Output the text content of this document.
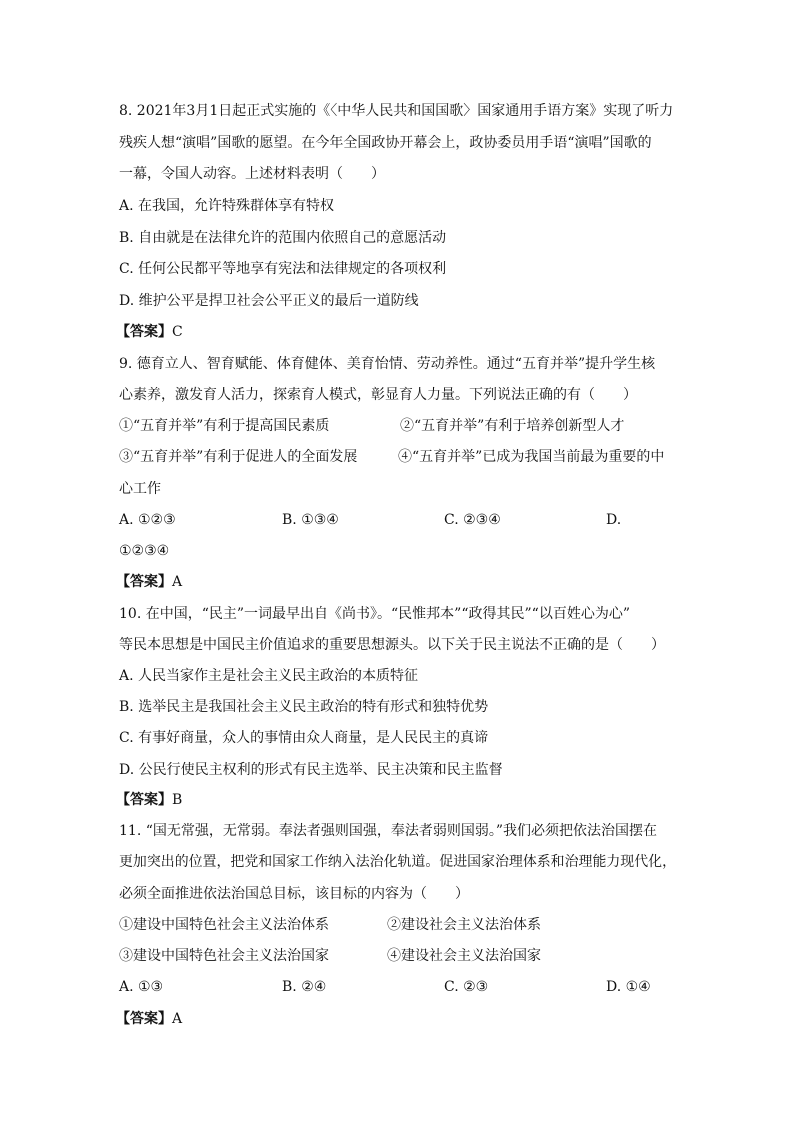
8. 2021年3月1日起正式实施的《〈中华人民共和国国歌〉国家通用手语方案》实现了听力
残疾人想“演唱”国歌的愿望。在今年全国政协开幕会上，政协委员用手语“演唱”国歌的
一幕，令国人动容。上述材料表明（　　）
A. 在我国，允许特殊群体享有特权
B. 自由就是在法律允许的范围内依照自己的意愿活动
C. 任何公民都平等地享有宪法和法律规定的各项权利
D. 维护公平是捍卫社会公平正义的最后一道防线
【答案】C
9. 德育立人、智育赋能、体育健体、美育怡情、劳动养性。通过“五育并举”提升学生核
心素养，激发育人活力，探索育人模式，彰显育人力量。下列说法正确的有（　　）
①“五育并举”有利于提高国民素质	②“五育并举”有利于培养创新型人才
③“五育并举”有利于促进人的全面发展	④“五育并举”已成为我国当前最为重要的中
心工作
A. ①②③	B. ①③④	C. ②③④	D.
①②③④
【答案】A
10. 在中国，“民主”一词最早出自《尚书》。“民惟邦本”“政得其民”“以百姓心为心”
等民本思想是中国民主价值追求的重要思想源头。以下关于民主说法不正确的是（　　）
A. 人民当家作主是社会主义民主政治的本质特征
B. 选举民主是我国社会主义民主政治的特有形式和独特优势
C. 有事好商量，众人的事情由众人商量，是人民民主的真谛
D. 公民行使民主权利的形式有民主选举、民主决策和民主监督
【答案】B
11. “国无常强，无常弱。奉法者强则国强，奉法者弱则国弱。”我们必须把依法治国摆在
更加突出的位置，把党和国家工作纳入法治化轨道。促进国家治理体系和治理能力现代化，
必须全面推进依法治国总目标，该目标的内容为（　　）
①建设中国特色社会主义法治体系	②建设社会主义法治体系
③建设中国特色社会主义法治国家	④建设社会主义法治国家
A. ①③	B. ②④	C. ②③	D. ①④
【答案】A
